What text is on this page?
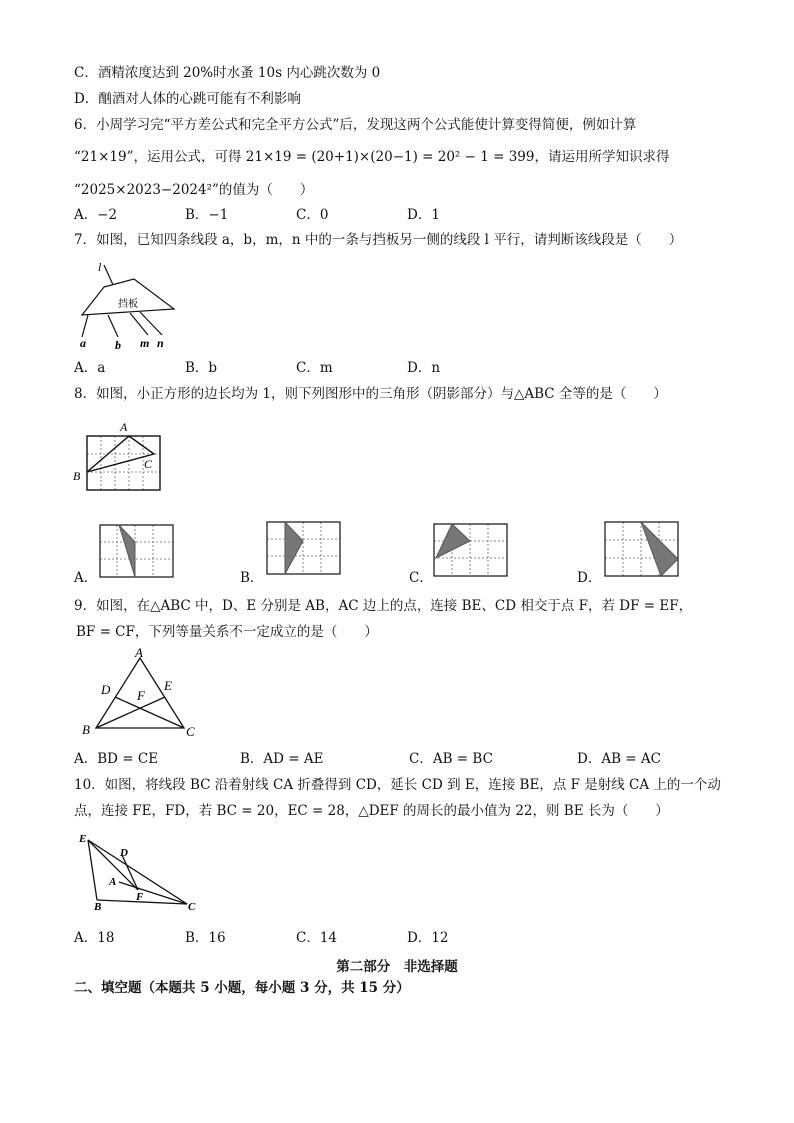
C．酒精浓度达到 20%时水蚤 10s 内心跳次数为 0
D．酗酒对人体的心跳可能有不利影响
6．小周学习完“平方差公式和完全平方公式”后，发现这两个公式能使计算变得简便，例如计算
“21×19”，运用公式，可得 21×19 = (20+1)×(20−1) = 20² − 1 = 399，请运用所学知识求得
“2025×2023−2024²”的值为（　　）
A．−2	B．−1	C．0	D．1
7．如图，已知四条线段 a，b，m，n 中的一条与挡板另一侧的线段 l 平行，请判断该线段是（　　）
挡板
l
a b m n
A．a	B．b	C．m	D．n
8．如图，小正方形的边长均为 1，则下列图形中的三角形（阴影部分）与△ABC 全等的是（　　）
A
B
C
A．	B．	C．	D．
9．如图，在△ABC 中，D、E 分别是 AB，AC 边上的点，连接 BE、CD 相交于点 F，若 DF = EF，
BF = CF，下列等量关系不一定成立的是（　　）
A
D	E
F
B	C
A．BD = CE	B．AD = AE	C．AB = BC	D．AB = AC
10．如图，将线段 BC 沿着射线 CA 折叠得到 CD，延长 CD 到 E，连接 BE，点 F 是射线 CA 上的一个动
点，连接 FE，FD，若 BC = 20，EC = 28，△DEF 的周长的最小值为 22，则 BE 长为（　　）
E
D
A
F
B	C
A．18	B．16	C．14	D．12
第二部分　非选择题
二、填空题（本题共 5 小题，每小题 3 分，共 15 分）
